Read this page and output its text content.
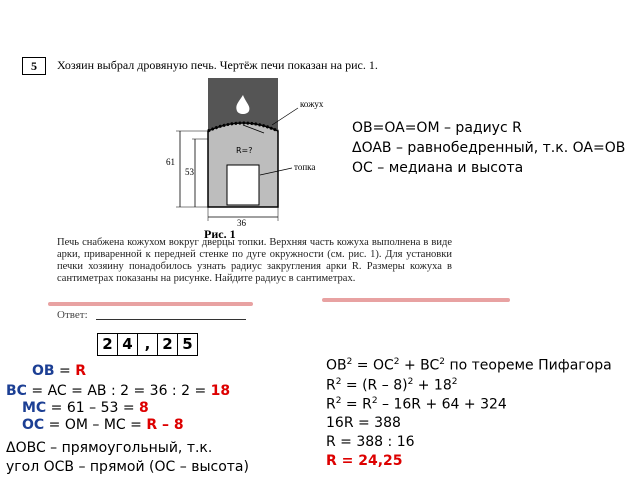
5	Хозяин выбрал дровяную печь. Чертёж печи показан на рис. 1.
R=?
кожух
топка
61
53
36
Рис. 1
Печь снабжена кожухом вокруг дверцы топки. Верхняя часть кожуха выполнена в виде арки, приваренной к передней стенке по дуге окружности (см. рис. 1). Для установки печки хозяину понадобилось узнать радиус закругления арки R. Размеры кожуха в сантиметрах показаны на рисунке. Найдите радиус в сантиметрах.
Ответ:
2 4 , 2 5
OB=OA=OM – радиус R
ΔOAB – равнобедренный, т.к. OA=OB
OC – медиана и высота
OB = R
BC = AC = AB : 2 = 36 : 2 = 18
MC = 61 – 53 = 8
OC = OM – MC = R – 8
ΔOBC – прямоугольный, т.к.
угол OCB – прямой (OC – высота)
$OB^2 = OC^2 + BC^2$ по теореме Пифагора
$R^2 = (R - 8)^2 + 18^2$
$R^2 = R^2 - 16R + 64 + 324$
16R = 388
R = 388 : 16
R = 24,25
